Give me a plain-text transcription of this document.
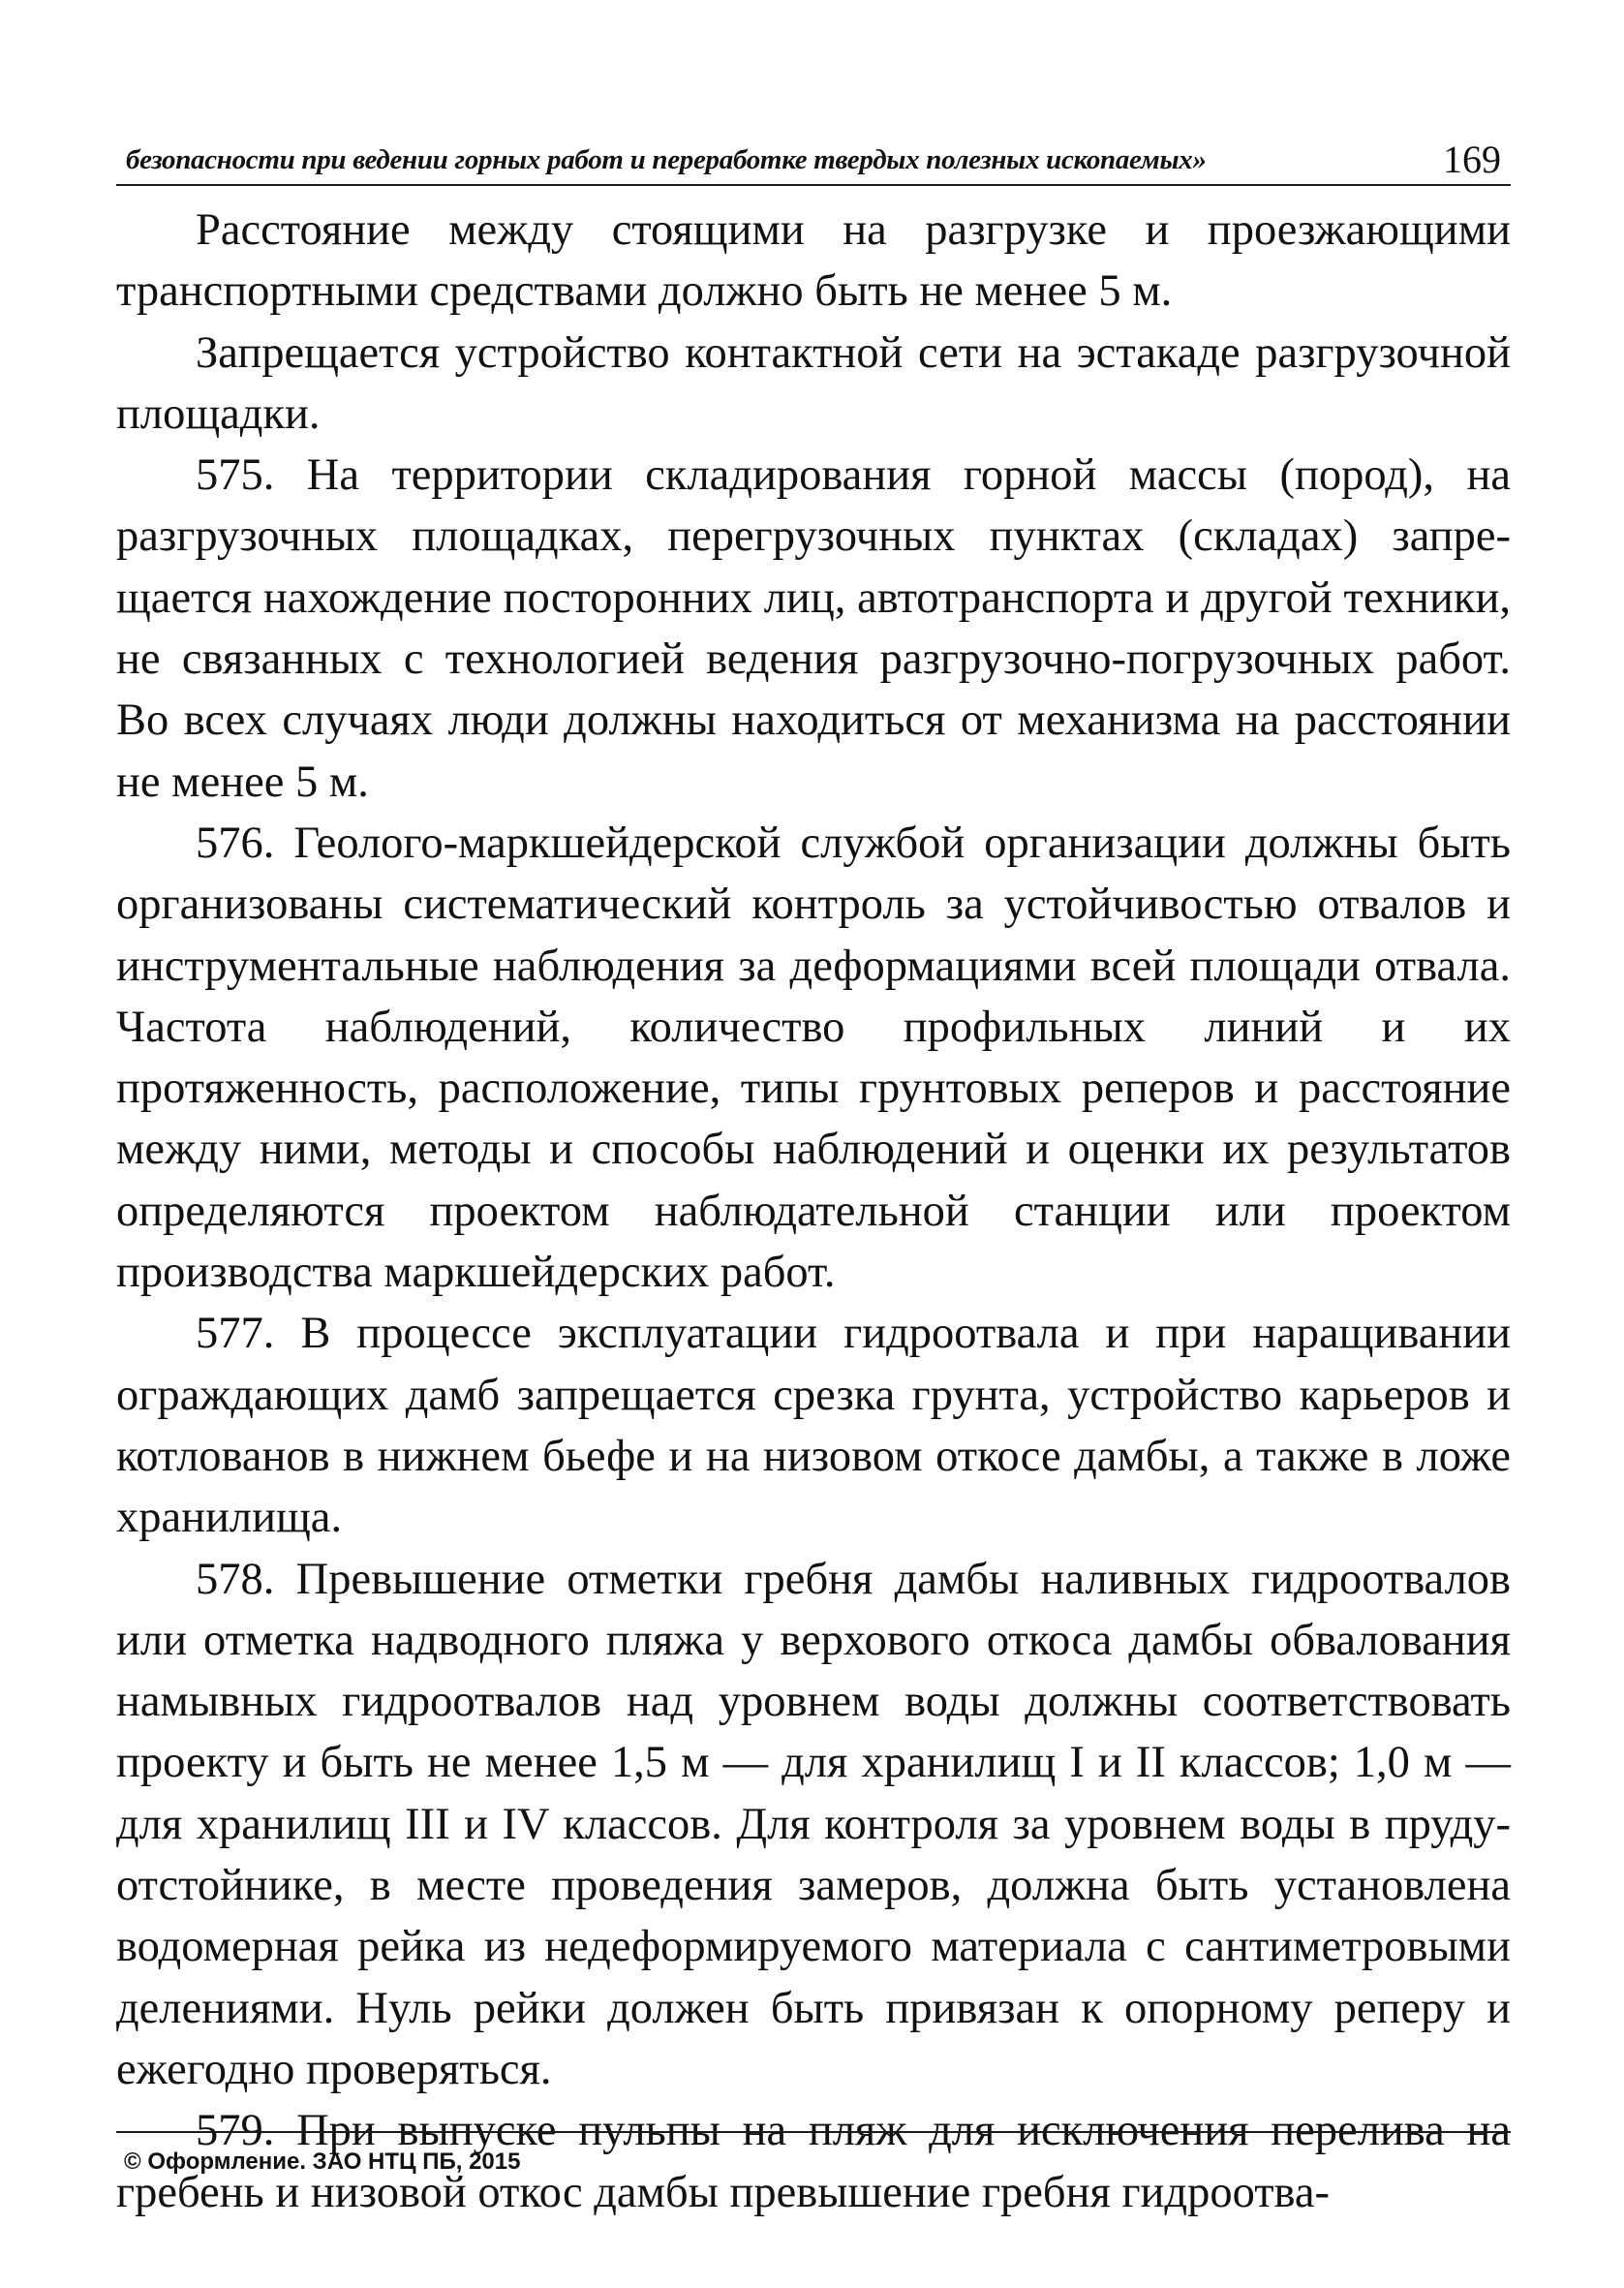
безопасности при ведении горных работ и переработке твердых полезных ископаемых»	169

Расстояние между стоящими на разгрузке и проезжающими транспортными средствами должно быть не менее 5 м.

Запрещается устройство контактной сети на эстакаде разгрузочной площадки.

575. На территории складирования горной массы (пород), на разгрузочных площадках, перегрузочных пунктах (складах) запрещается нахождение посторонних лиц, автотранспорта и другой техники, не связанных с технологией ведения разгрузочно-погрузочных работ. Во всех случаях люди должны находиться от механизма на расстоянии не менее 5 м.

576. Геолого-маркшейдерской службой организации должны быть организованы систематический контроль за устойчивостью отвалов и инструментальные наблюдения за деформациями всей площади отвала. Частота наблюдений, количество профильных линий и их протяженность, расположение, типы грунтовых реперов и расстояние между ними, методы и способы наблюдений и оценки их результатов определяются проектом наблюдательной станции или проектом производства маркшейдерских работ.

577. В процессе эксплуатации гидроотвала и при наращивании ограждающих дамб запрещается срезка грунта, устройство карьеров и котлованов в нижнем бьефе и на низовом откосе дамбы, а также в ложе хранилища.

578. Превышение отметки гребня дамбы наливных гидроотвалов или отметка надводного пляжа у верхового откоса дамбы обвалования намывных гидроотвалов над уровнем воды должны соответствовать проекту и быть не менее 1,5 м — для хранилищ I и II классов; 1,0 м — для хранилищ III и IV классов. Для контроля за уровнем воды в пруду-отстойнике, в месте проведения замеров, должна быть установлена водомерная рейка из недеформируемого материала с сантиметровыми делениями. Нуль рейки должен быть привязан к опорному реперу и ежегодно проверяться.

579. При выпуске пульпы на пляж для исключения перелива на гребень и низовой откос дамбы превышение гребня гидроотва-

© Оформление. ЗАО НТЦ ПБ, 2015
